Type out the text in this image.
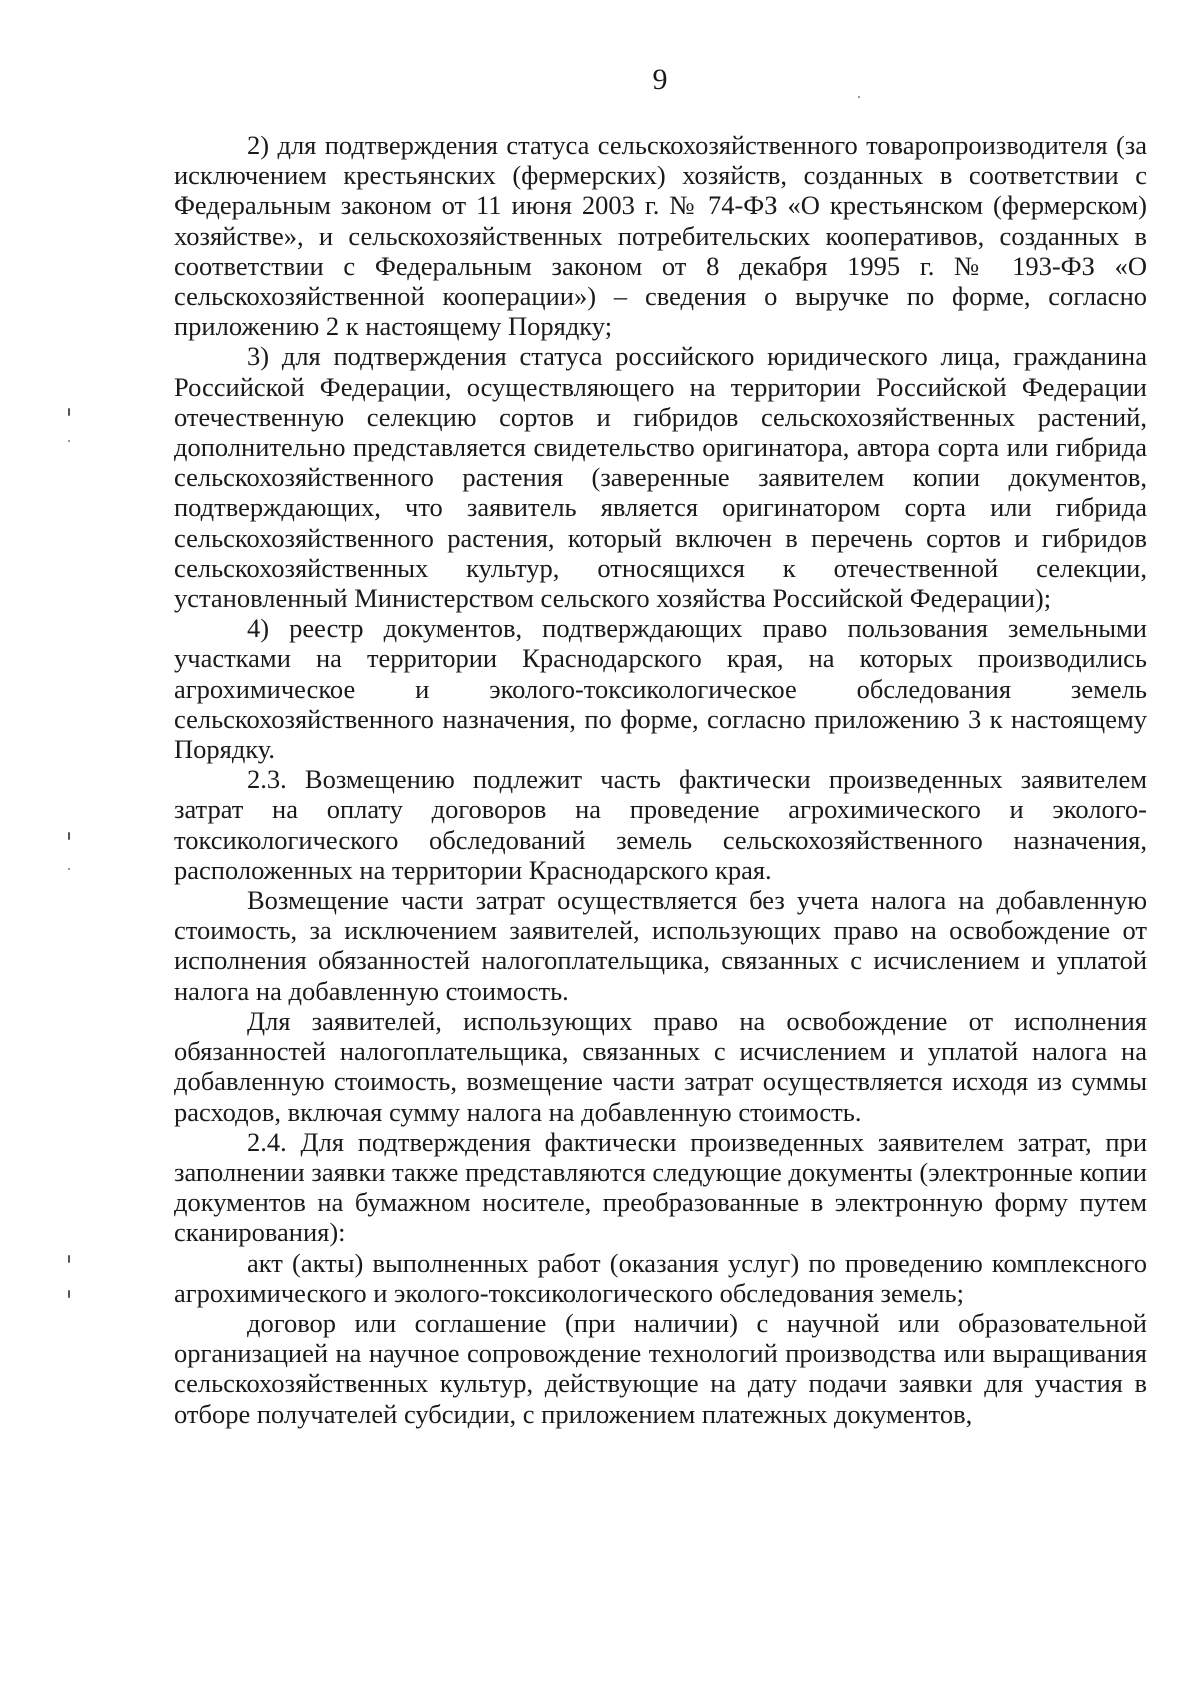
9

2) для подтверждения статуса сельскохозяйственного товаропроизводителя (за исключением крестьянских (фермерских) хозяйств, созданных в соответствии с Федеральным законом от 11 июня 2003 г. № 74-ФЗ «О крестьянском (фермерском) хозяйстве», и сельскохозяйственных потребительских кооперативов, созданных в соответствии с Федеральным законом от 8 декабря 1995 г. № 193-ФЗ «О сельскохозяйственной кооперации») – сведения о выручке по форме, согласно приложению 2 к настоящему Порядку;

3) для подтверждения статуса российского юридического лица, гражданина Российской Федерации, осуществляющего на территории Российской Федерации отечественную селекцию сортов и гибридов сельскохозяйственных растений, дополнительно представляется свидетельство оригинатора, автора сорта или гибрида сельскохозяйственного растения (заверенные заявителем копии документов, подтверждающих, что заявитель является оригинатором сорта или гибрида сельскохозяйственного растения, который включен в перечень сортов и гибридов сельскохозяйственных культур, относящихся к отечественной селекции, установленный Министерством сельского хозяйства Российской Федерации);

4) реестр документов, подтверждающих право пользования земельными участками на территории Краснодарского края, на которых производились агрохимическое и эколого-токсикологическое обследования земель сельскохозяйственного назначения, по форме, согласно приложению 3 к настоящему Порядку.

2.3. Возмещению подлежит часть фактически произведенных заявителем затрат на оплату договоров на проведение агрохимического и эколого-токсикологического обследований земель сельскохозяйственного назначения, расположенных на территории Краснодарского края.

Возмещение части затрат осуществляется без учета налога на добавленную стоимость, за исключением заявителей, использующих право на освобождение от исполнения обязанностей налогоплательщика, связанных с исчислением и уплатой налога на добавленную стоимость.

Для заявителей, использующих право на освобождение от исполнения обязанностей налогоплательщика, связанных с исчислением и уплатой налога на добавленную стоимость, возмещение части затрат осуществляется исходя из суммы расходов, включая сумму налога на добавленную стоимость.

2.4. Для подтверждения фактически произведенных заявителем затрат, при заполнении заявки также представляются следующие документы (электронные копии документов на бумажном носителе, преобразованные в электронную форму путем сканирования):

акт (акты) выполненных работ (оказания услуг) по проведению комплексного агрохимического и эколого-токсикологического обследования земель;

договор или соглашение (при наличии) с научной или образовательной организацией на научное сопровождение технологий производства или выращивания сельскохозяйственных культур, действующие на дату подачи заявки для участия в отборе получателей субсидии, с приложением платежных документов,
